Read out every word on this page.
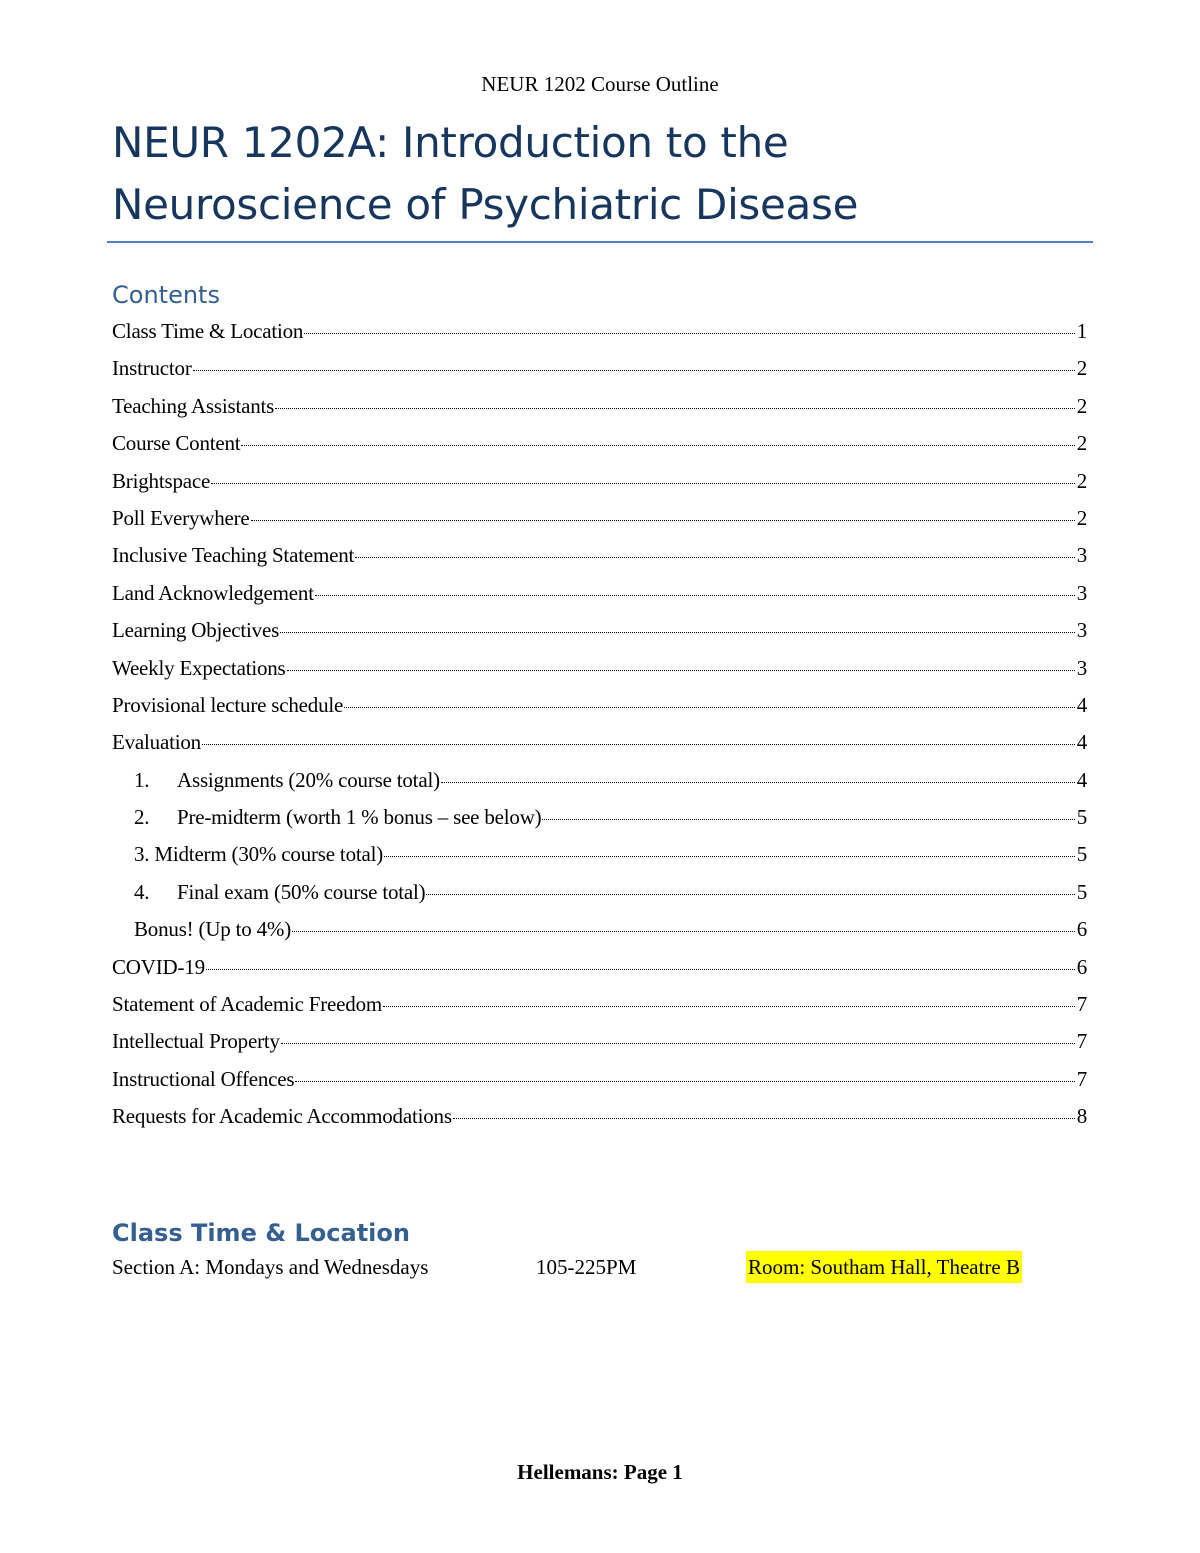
NEUR 1202 Course Outline
NEUR 1202A: Introduction to the
Neuroscience of Psychiatric Disease
Contents
Class Time & Location	1
Instructor	2
Teaching Assistants	2
Course Content	2
Brightspace	2
Poll Everywhere	2
Inclusive Teaching Statement	3
Land Acknowledgement	3
Learning Objectives	3
Weekly Expectations	3
Provisional lecture schedule	4
Evaluation	4
1.	Assignments (20% course total)	4
2.	Pre-midterm (worth 1 % bonus – see below)	5
3. Midterm (30% course total)	5
4.	Final exam (50% course total)	5
Bonus! (Up to 4%)	6
COVID-19	6
Statement of Academic Freedom	7
Intellectual Property	7
Instructional Offences	7
Requests for Academic Accommodations	8
Class Time & Location
Section A: Mondays and Wednesdays	105-225PM	Room: Southam Hall, Theatre B
Hellemans: Page 1
